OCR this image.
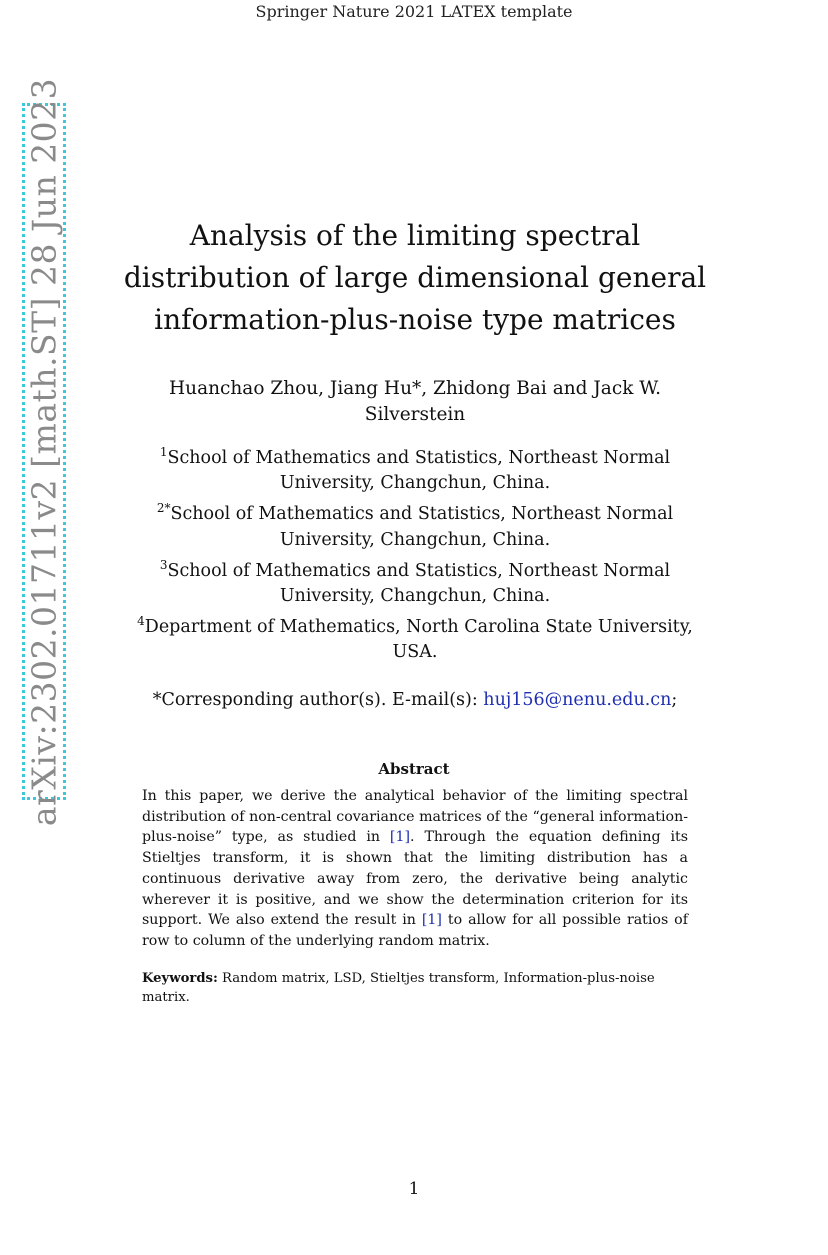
Springer Nature 2021 LATEX template
arXiv:2302.01711v2 [math.ST] 28 Jun 2023	Analysis of the limiting spectral distribution of large dimensional general information-plus-noise type matrices
Huanchao Zhou, Jiang Hu*, Zhidong Bai and Jack W. Silverstein
$^1$School of Mathematics and Statistics, Northeast Normal University, Changchun, China.
$^{2*}$School of Mathematics and Statistics, Northeast Normal University, Changchun, China.
$^3$School of Mathematics and Statistics, Northeast Normal University, Changchun, China.
$^4$Department of Mathematics, North Carolina State University, USA.
*Corresponding author(s). E-mail(s): huj156@nenu.edu.cn;
Abstract
In this paper, we derive the analytical behavior of the limiting spectral distribution of non-central covariance matrices of the “general information-plus-noise” type, as studied in [1]. Through the equation defining its Stieltjes transform, it is shown that the limiting distribution has a continuous derivative away from zero, the derivative being analytic wherever it is positive, and we show the determination criterion for its support. We also extend the result in [1] to allow for all possible ratios of row to column of the underlying random matrix.
Keywords: Random matrix, LSD, Stieltjes transform, Information-plus-noise matrix.
1
